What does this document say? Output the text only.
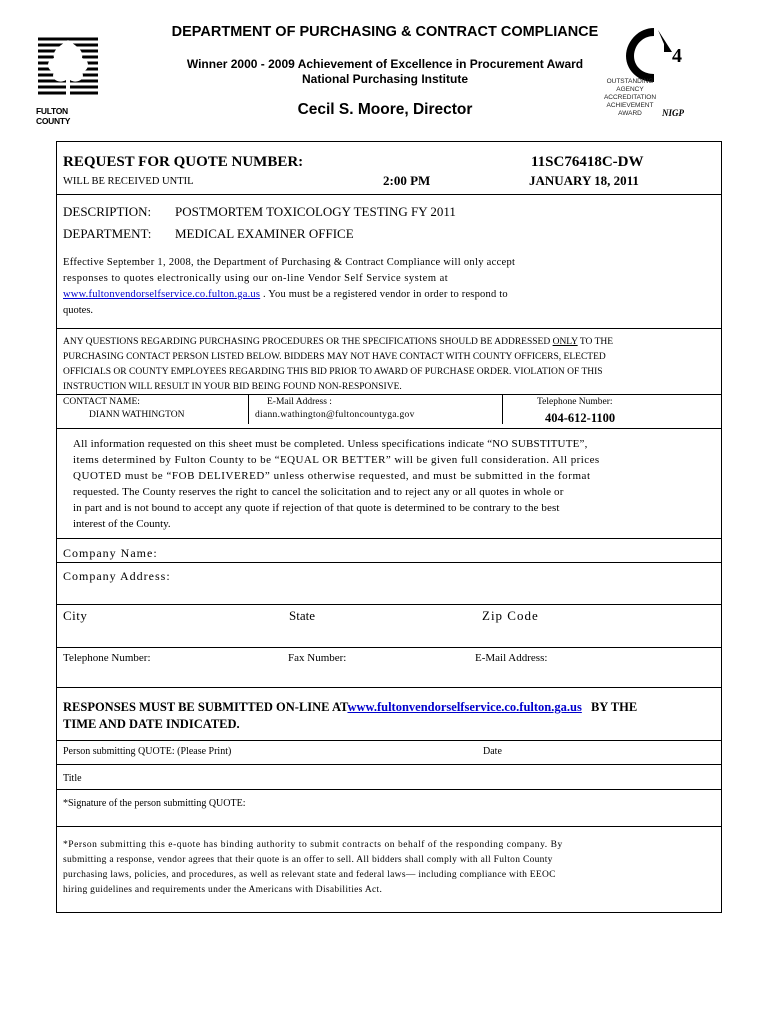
FULTON COUNTY
DEPARTMENT OF PURCHASING & CONTRACT COMPLIANCE
Winner 2000 - 2009 Achievement of Excellence in Procurement Award
National Purchasing Institute
Cecil S. Moore, Director
4
OUTSTANDING
AGENCY
ACCREDITATION
ACHIEVEMENT
AWARD	NIGP
REQUEST FOR QUOTE NUMBER:	11SC76418C-DW
WILL BE RECEIVED UNTIL	2:00 PM	JANUARY 18, 2011
DESCRIPTION: POSTMORTEM TOXICOLOGY TESTING FY 2011
DEPARTMENT: MEDICAL EXAMINER OFFICE
Effective September 1, 2008, the Department of Purchasing & Contract Compliance will only accept
responses to quotes electronically using our on-line Vendor Self Service system at
www.fultonvendorselfservice.co.fulton.ga.us . You must be a registered vendor in order to respond to
quotes.
ANY QUESTIONS REGARDING PURCHASING PROCEDURES OR THE SPECIFICATIONS SHOULD BE ADDRESSED ONLY TO THE
PURCHASING CONTACT PERSON LISTED BELOW. BIDDERS MAY NOT HAVE CONTACT WITH COUNTY OFFICERS, ELECTED
OFFICIALS OR COUNTY EMPLOYEES REGARDING THIS BID PRIOR TO AWARD OF PURCHASE ORDER. VIOLATION OF THIS
INSTRUCTION WILL RESULT IN YOUR BID BEING FOUND NON-RESPONSIVE.
CONTACT NAME:
DIANN WATHINGTON
E-Mail Address :
diann.wathington@fultoncountyga.gov
Telephone Number:
404-612-1100
All information requested on this sheet must be completed. Unless specifications indicate “NO SUBSTITUTE”,
items determined by Fulton County to be “EQUAL OR BETTER” will be given full consideration. All prices
QUOTED must be “FOB DELIVERED” unless otherwise requested, and must be submitted in the format
requested. The County reserves the right to cancel the solicitation and to reject any or all quotes in whole or
in part and is not bound to accept any quote if rejection of that quote is determined to be contrary to the best
interest of the County.
Company Name:
Company Address:
City	State	Zip Code
Telephone Number:	Fax Number:	E-Mail Address:
RESPONSES MUST BE SUBMITTED ON-LINE ATwww.fultonvendorselfservice.co.fulton.ga.us BY THE
TIME AND DATE INDICATED.
Person submitting QUOTE: (Please Print)	Date
Title
*Signature of the person submitting QUOTE:
*Person submitting this e-quote has binding authority to submit contracts on behalf of the responding company. By
submitting a response, vendor agrees that their quote is an offer to sell. All bidders shall comply with all Fulton County
purchasing laws, policies, and procedures, as well as relevant state and federal laws— including compliance with EEOC
hiring guidelines and requirements under the Americans with Disabilities Act.
